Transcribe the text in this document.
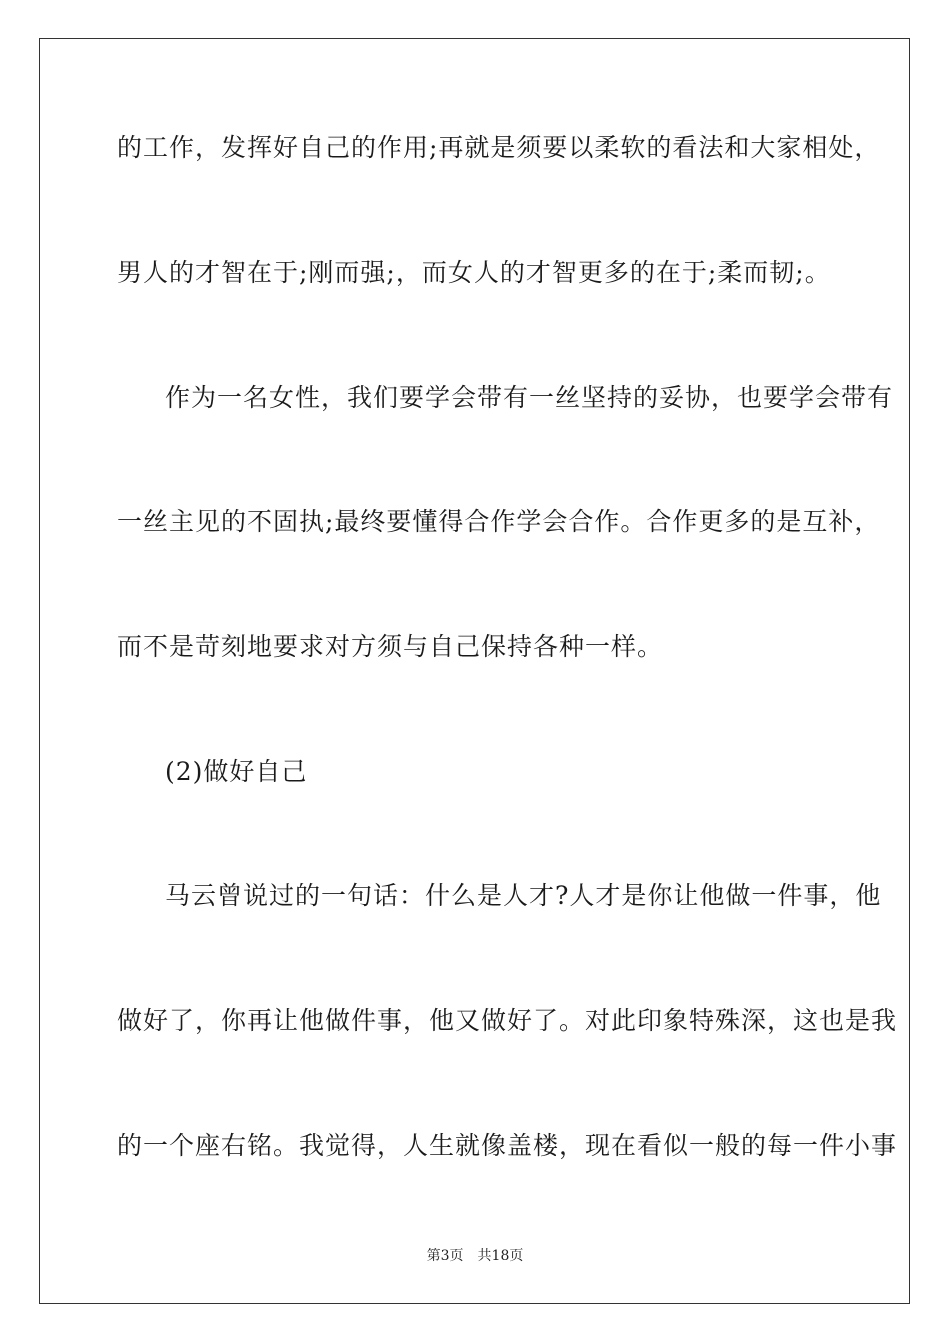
的工作，发挥好自己的作用;再就是须要以柔软的看法和大家相处，
男人的才智在于;刚而强;，而女人的才智更多的在于;柔而韧;。
作为一名女性，我们要学会带有一丝坚持的妥协，也要学会带有
一丝主见的不固执;最终要懂得合作学会合作。合作更多的是互补，
而不是苛刻地要求对方须与自己保持各种一样。
(2)做好自己
马云曾说过的一句话：什么是人才?人才是你让他做一件事，他
做好了，你再让他做件事，他又做好了。对此印象特殊深，这也是我
的一个座右铭。我觉得，人生就像盖楼，现在看似一般的每一件小事
第3页 共18页
